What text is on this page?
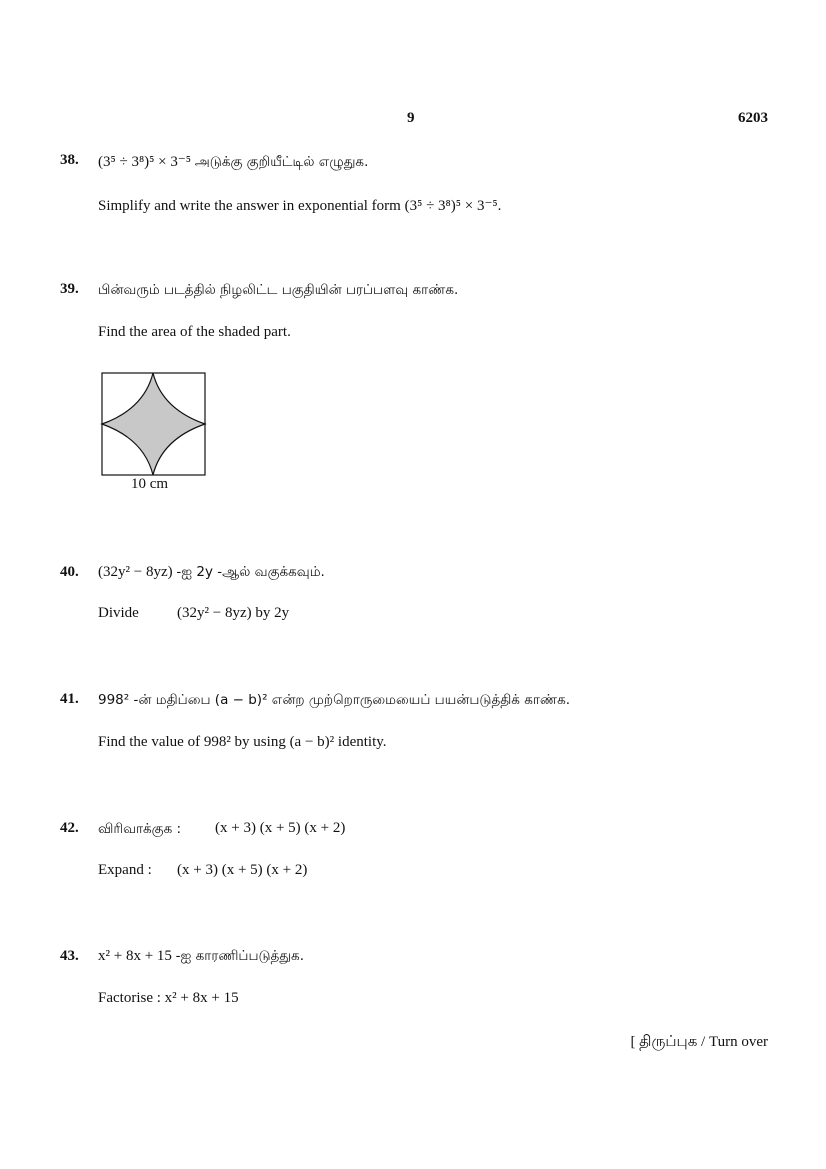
9	6203
38. (3⁵ ÷ 3⁸)⁵ × 3⁻⁵ அடுக்கு குறியீட்டில் எழுதுக.
Simplify and write the answer in exponential form (3⁵ ÷ 3⁸)⁵ × 3⁻⁵.
39. பின்வரும் படத்தில் நிழலிட்ட பகுதியின் பரப்பளவு காண்க.
Find the area of the shaded part.
10 cm
40. (32y² − 8yz) -ஐ 2y -ஆல் வகுக்கவும்.
Divide	(32y² − 8yz) by 2y
41. 998² -ன் மதிப்பை (a − b)² என்ற முற்றொருமையைப் பயன்படுத்திக் காண்க.
Find the value of 998² by using (a − b)² identity.
42. விரிவாக்குக : (x + 3) (x + 5) (x + 2)
Expand : (x + 3) (x + 5) (x + 2)
43. x² + 8x + 15 -ஐ காரணிப்படுத்துக.
Factorise : x² + 8x + 15
[ திருப்புக / Turn over
